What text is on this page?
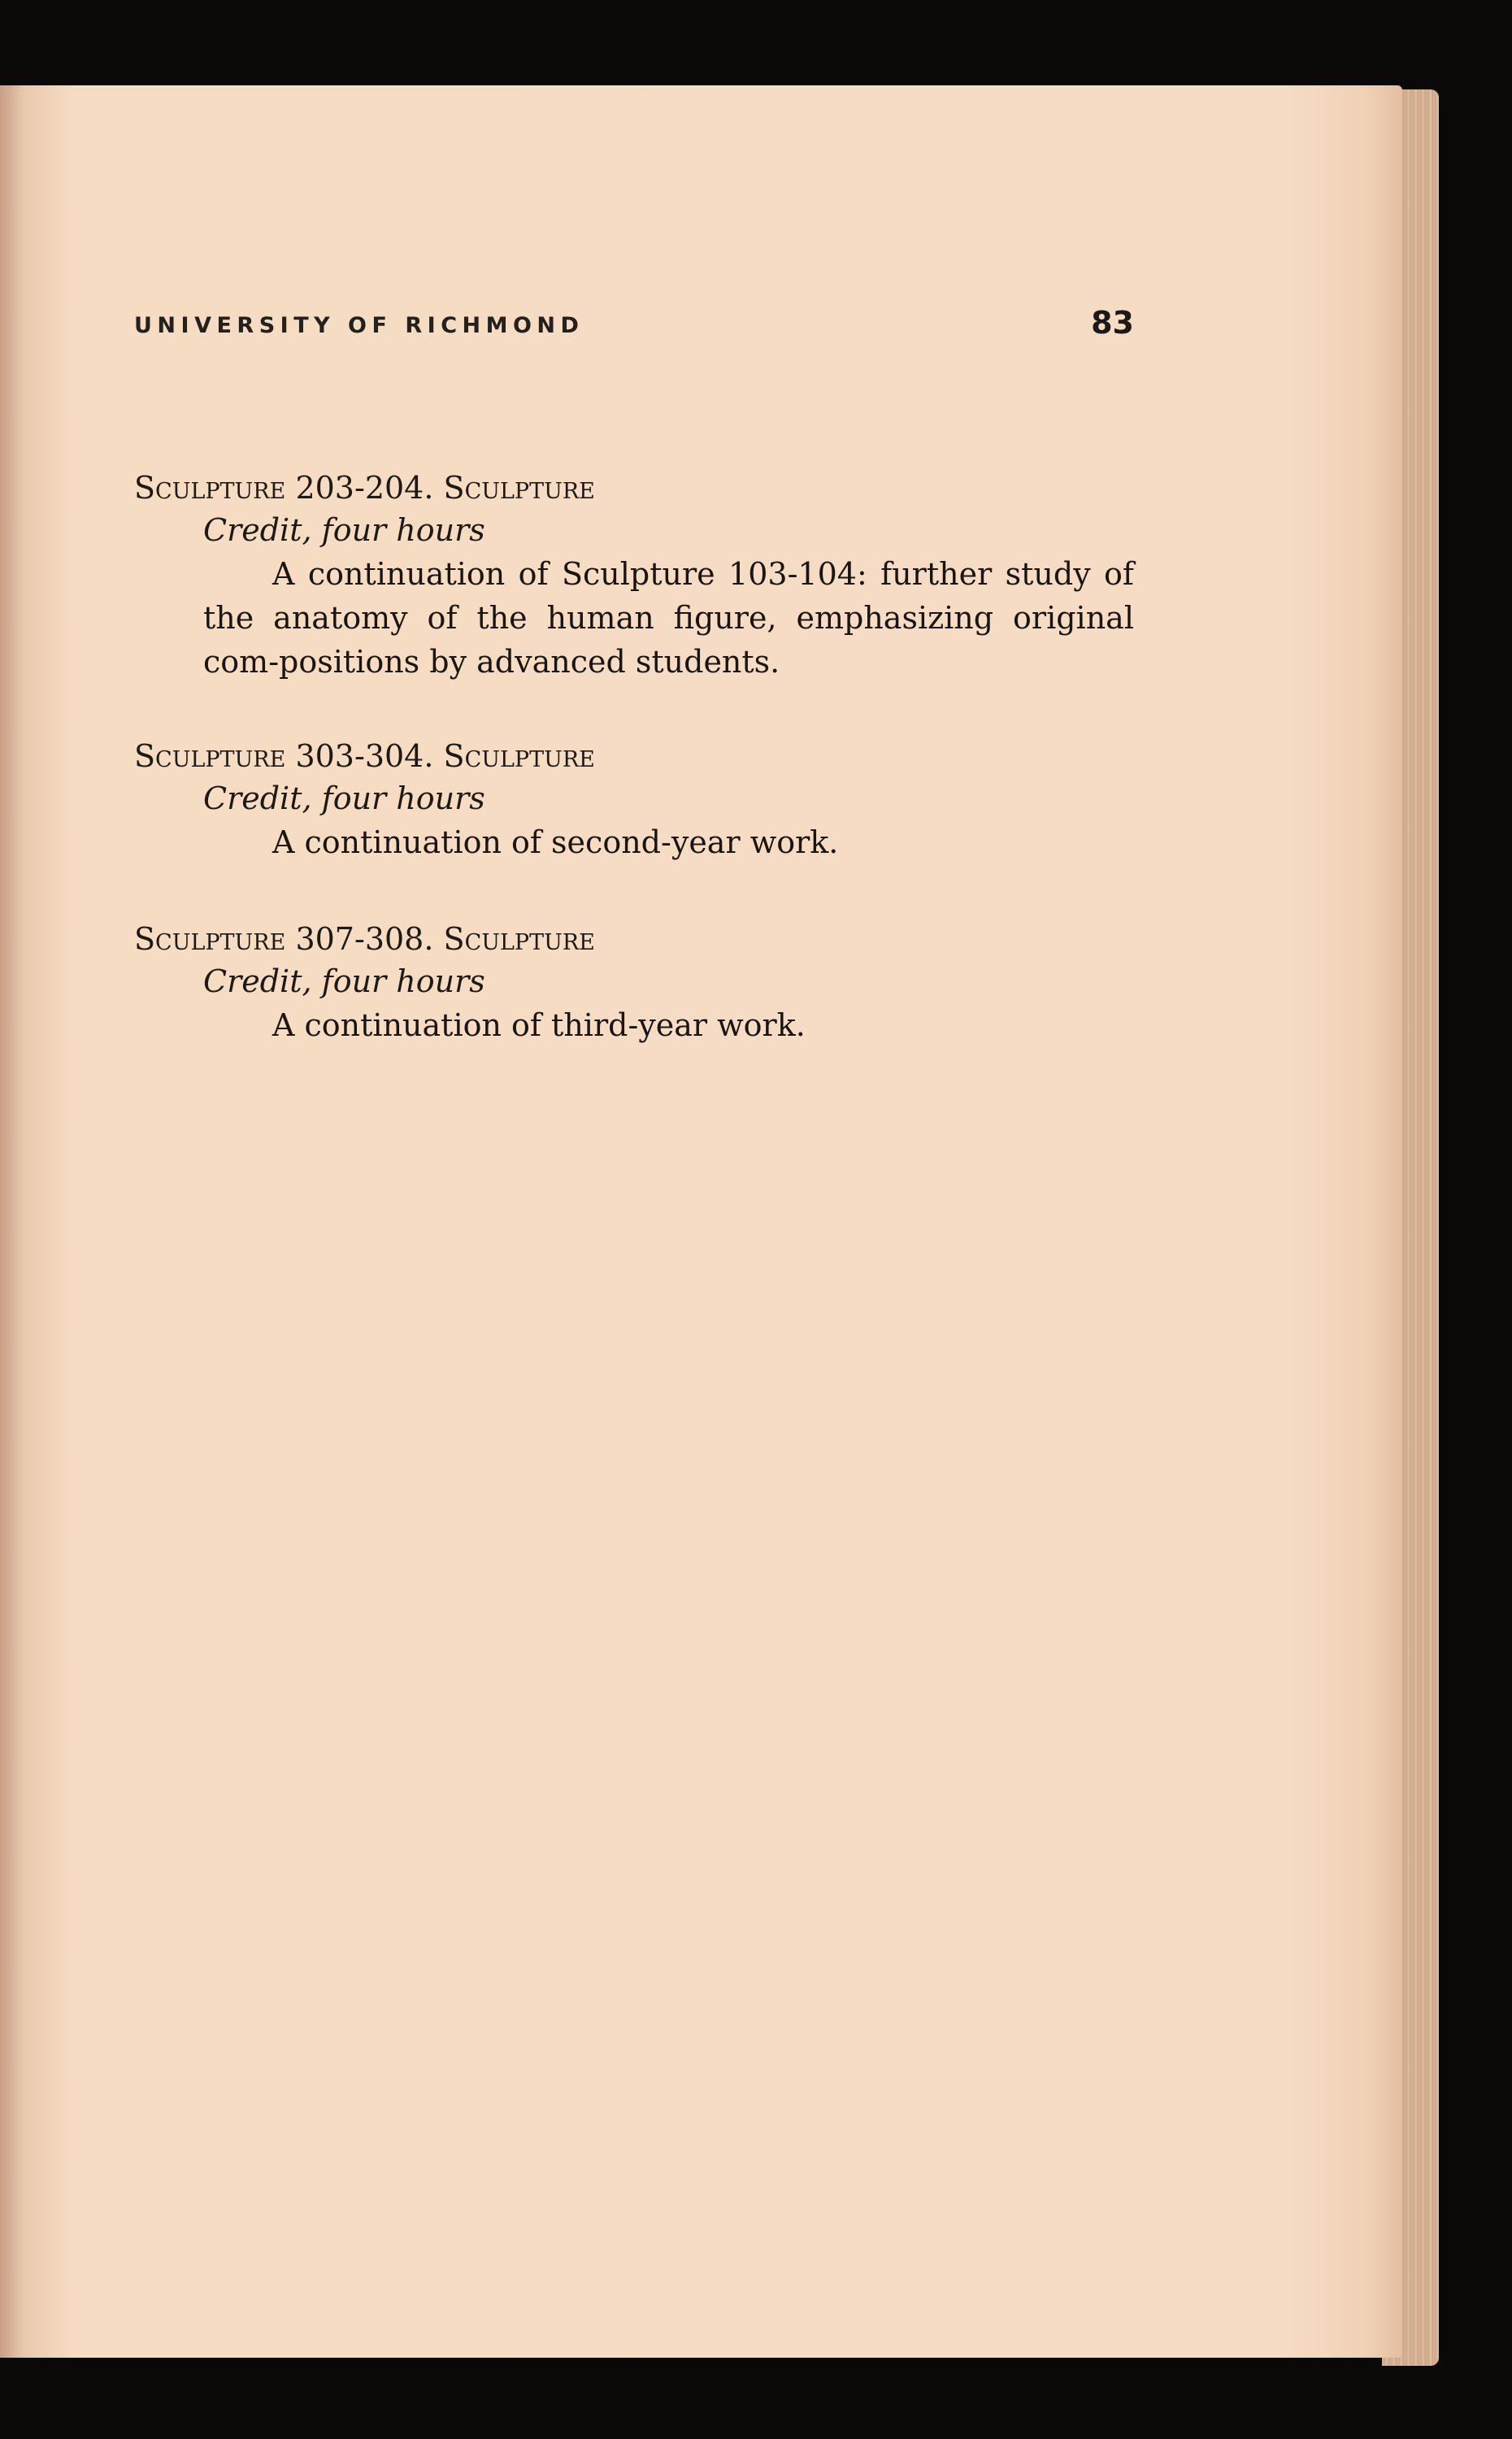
UNIVERSITY OF RICHMOND	83
Sculpture 203-204. Sculpture
Credit, four hours
A continuation of Sculpture 103-104: further study of the anatomy of the human figure, emphasizing original com-positions by advanced students.
Sculpture 303-304. Sculpture
Credit, four hours
A continuation of second-year work.
Sculpture 307-308. Sculpture
Credit, four hours
A continuation of third-year work.
